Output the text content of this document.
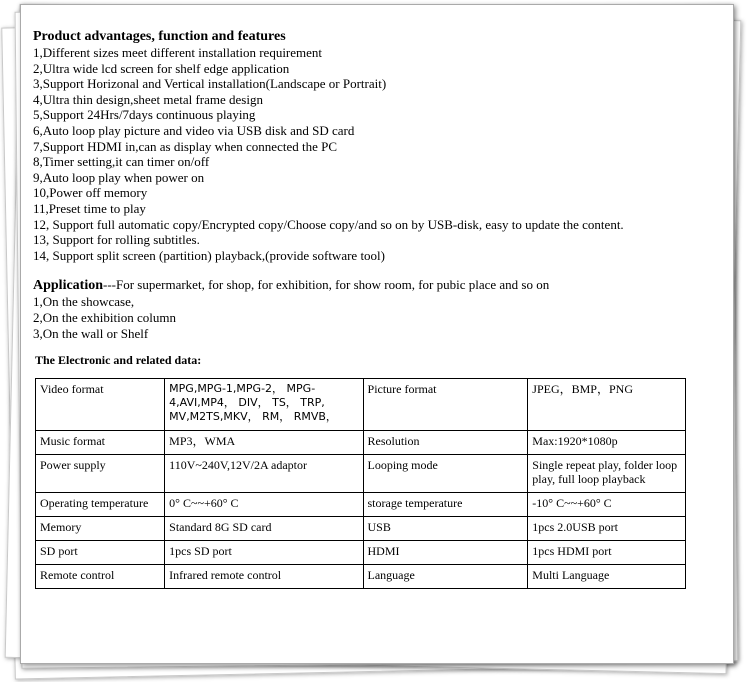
Product advantages, function and features

1,Different sizes meet different installation requirement

2,Ultra wide lcd screen for shelf edge application

3,Support Horizonal and Vertical installation(Landscape or Portrait)

4,Ultra thin design,sheet metal frame design

5,Support 24Hrs/7days continuous playing

6,Auto loop play picture and video via USB disk and SD card

7,Support HDMI in,can as display when connected the PC

8,Timer setting,it can timer on/off

9,Auto loop play when power on

10,Power off memory

11,Preset time to play

12, Support full automatic copy/Encrypted copy/Choose copy/and so on by USB-disk, easy to update the content.

13, Support for rolling subtitles.

14, Support split screen (partition) playback,(provide software tool)

Application---For supermarket, for shop, for exhibition, for show room, for pubic place and so on

1,On the showcase,

2,On the exhibition column

3,On the wall or Shelf

The Electronic and related data:
Video format	MPG,MPG-1,MPG-2， MPG-4,AVI,MP4， DIV， TS， TRP, MV,M2TS,MKV， RM， RMVB，	Picture format	JPEG，BMP，PNG
Music format	MP3，WMA	Resolution	Max:1920*1080p
Power supply	110V~240V,12V/2A adaptor	Looping mode	Single repeat play, folder loop play, full loop playback
Operating temperature	0° C~~+60° C	storage temperature	-10° C~~+60° C
Memory	Standard 8G SD card	USB	1pcs 2.0USB port
SD port	1pcs SD port	HDMI	1pcs HDMI port
Remote control	Infrared remote control	Language	Multi Language
